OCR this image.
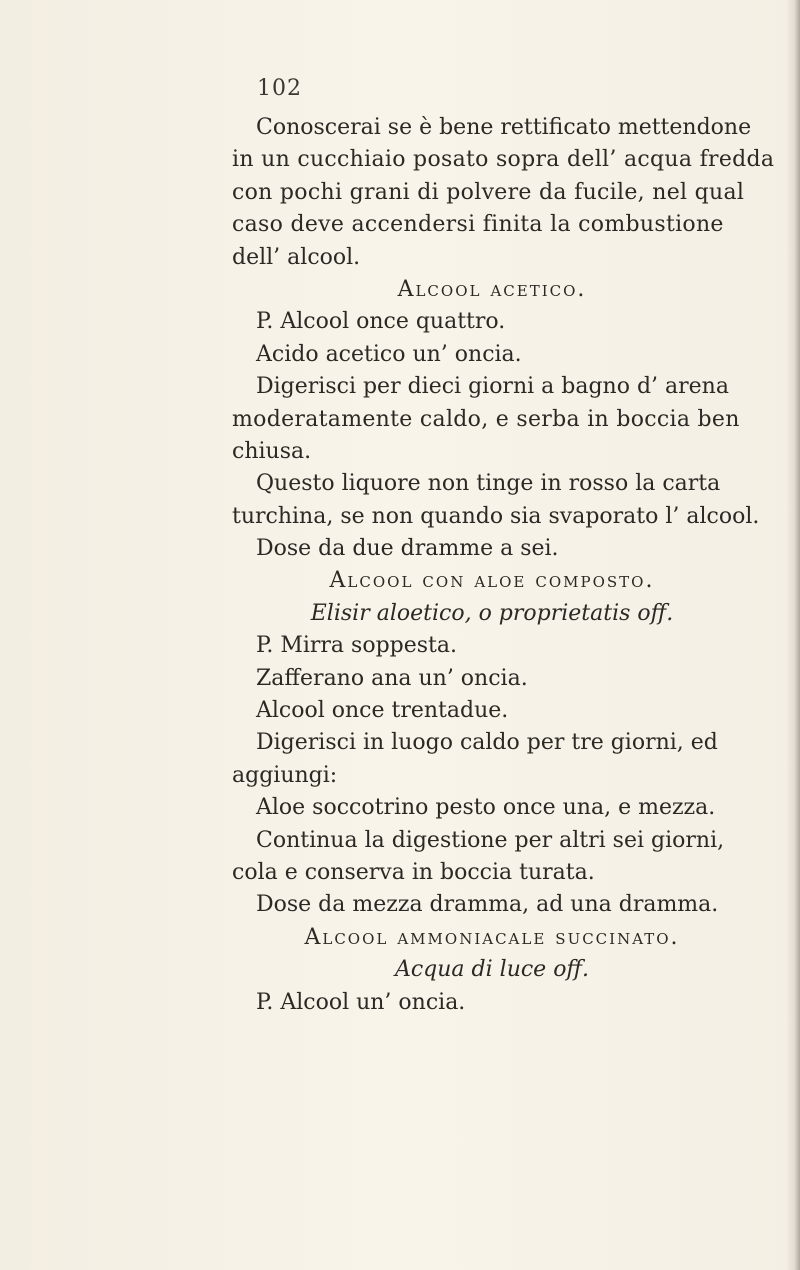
102
Conoscerai se è bene rettificato mettendone
in un cucchiaio posato sopra dell’ acqua fredda
con pochi grani di polvere da fucile, nel qual
caso deve accendersi finita la combustione
dell’ alcool.
Alcool acetico.
P. Alcool once quattro.
Acido acetico un’ oncia.
Digerisci per dieci giorni a bagno d’ arena
moderatamente caldo, e serba in boccia ben
chiusa.
Questo liquore non tinge in rosso la carta
turchina, se non quando sia svaporato l’ alcool.
Dose da due dramme a sei.
Alcool con aloe composto.
Elisir aloetico, o proprietatis off.
P. Mirra soppesta.
Zafferano ana un’ oncia.
Alcool once trentadue.
Digerisci in luogo caldo per tre giorni, ed
aggiungi:
Aloe soccotrino pesto once una, e mezza.
Continua la digestione per altri sei giorni,
cola e conserva in boccia turata.
Dose da mezza dramma, ad una dramma.
Alcool ammoniacale succinato.
Acqua di luce off.
P. Alcool un’ oncia.
